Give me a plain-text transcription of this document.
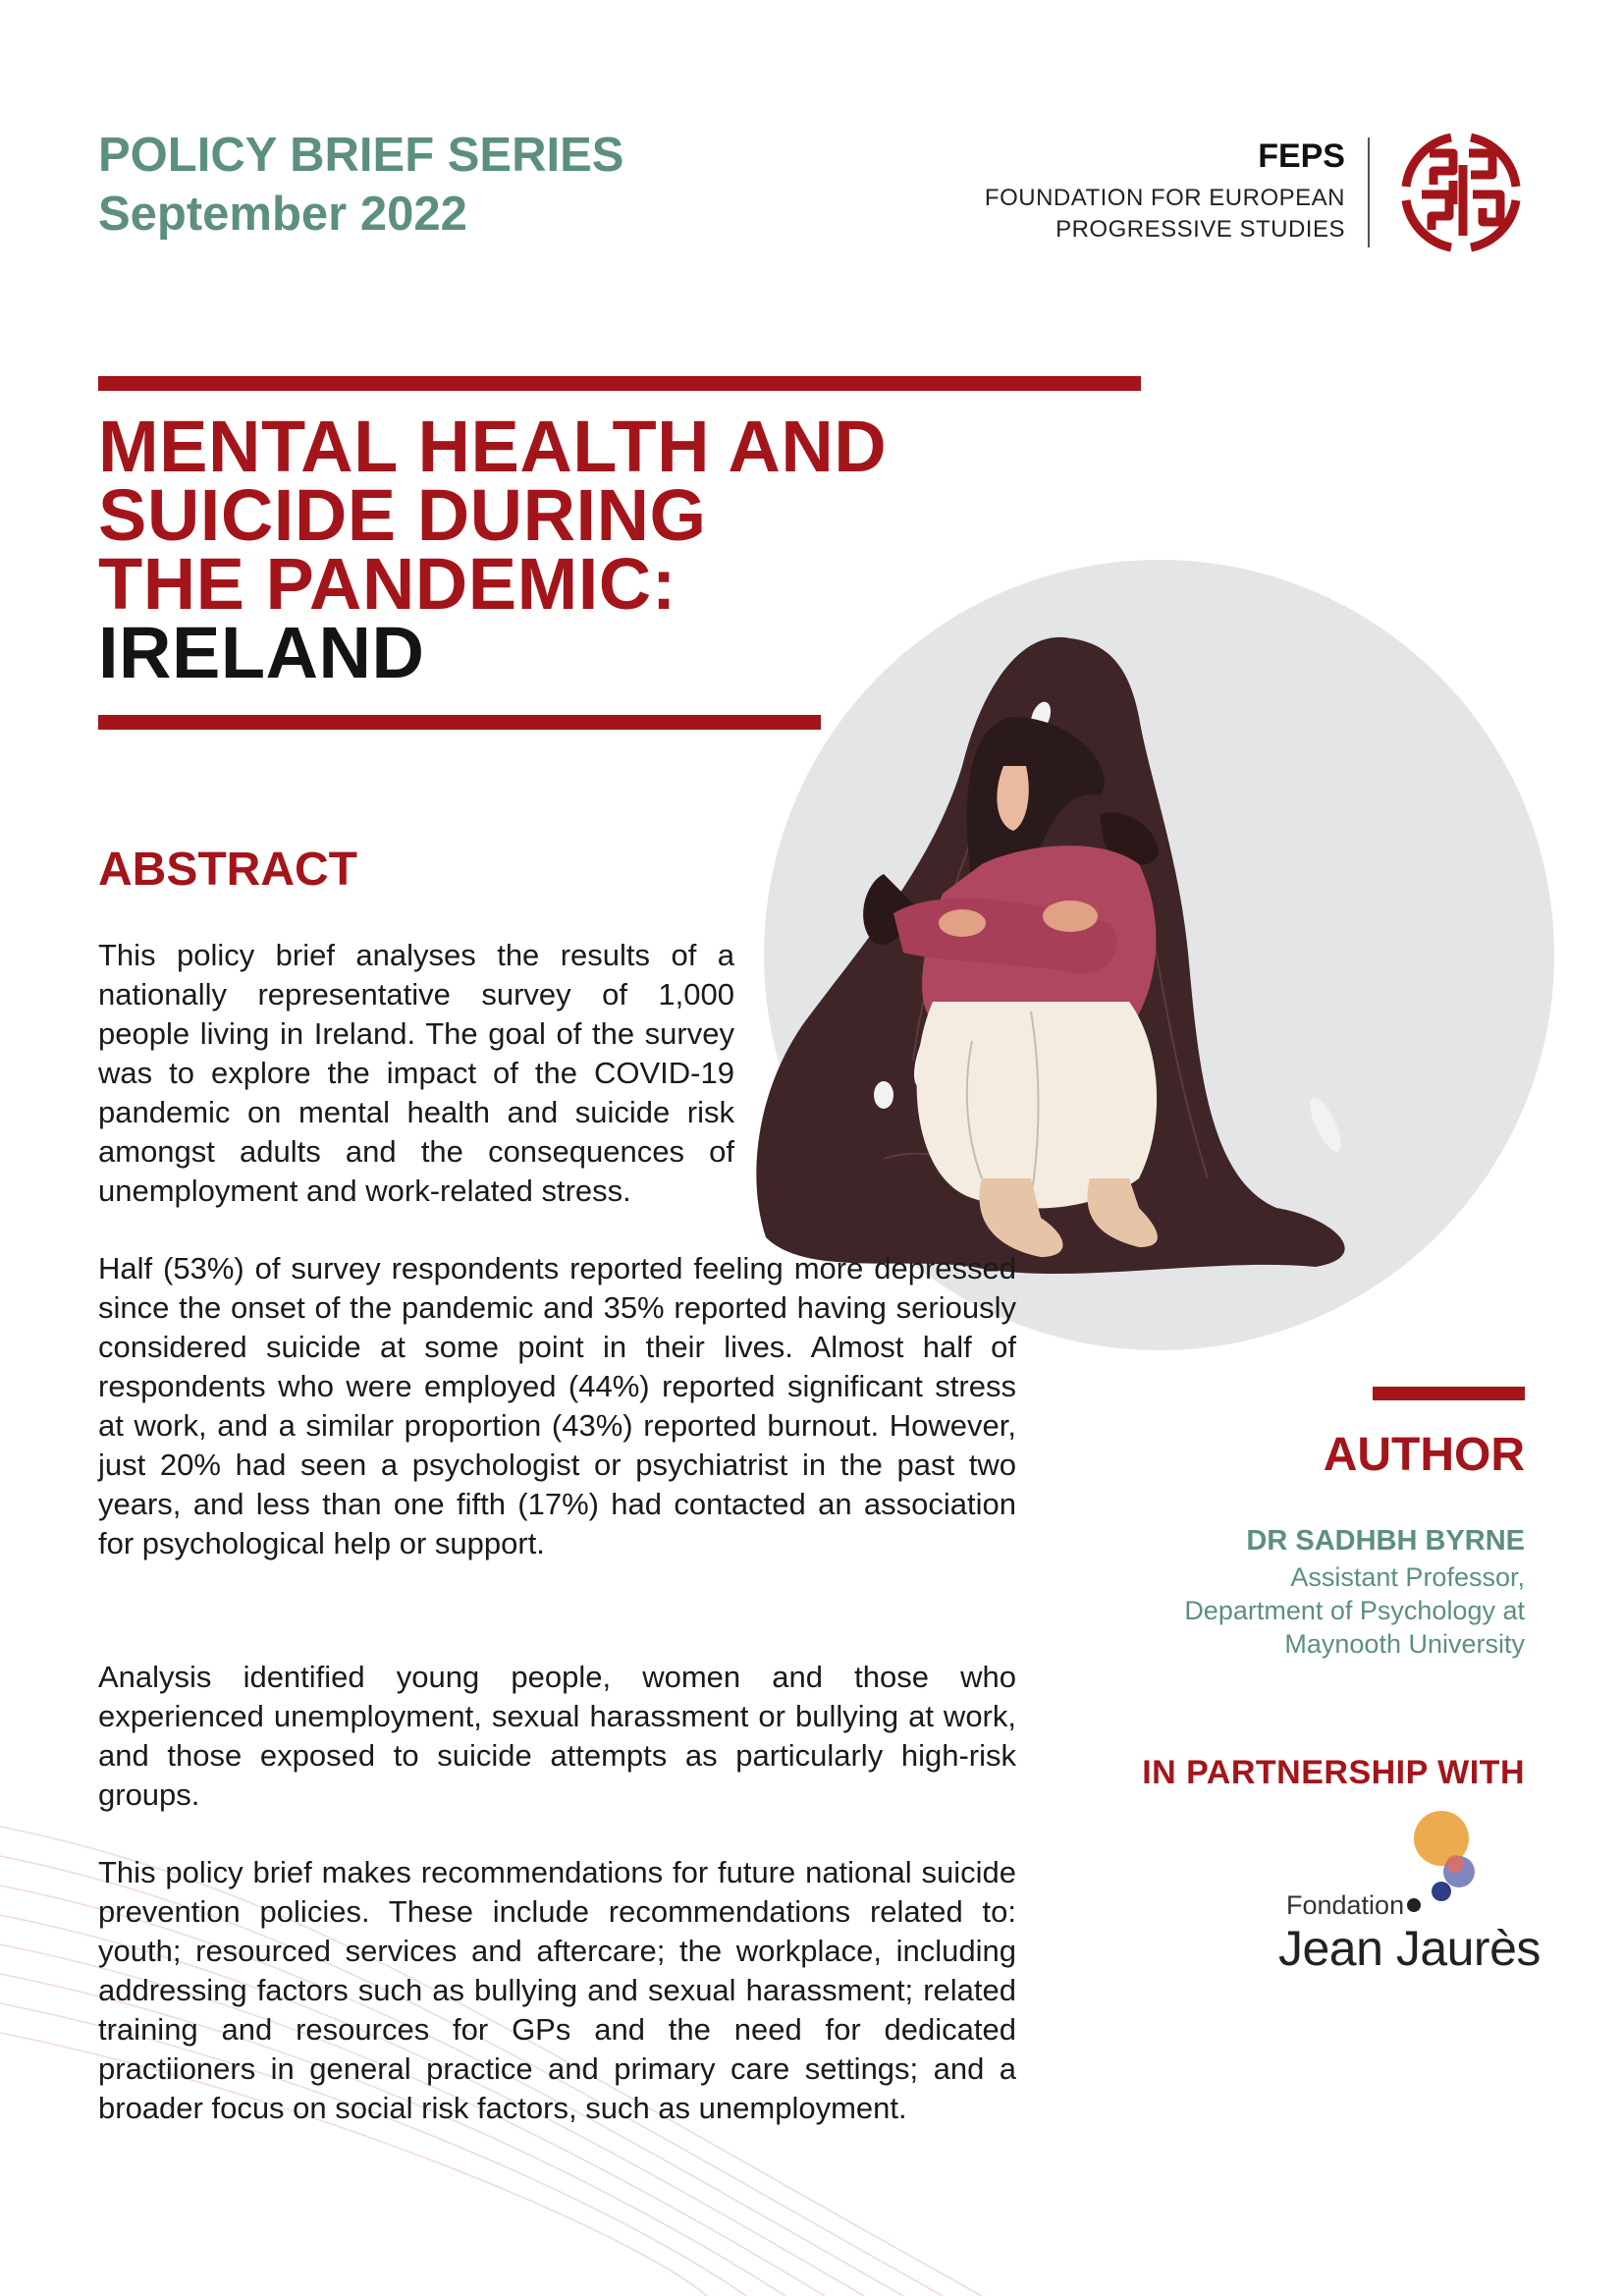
POLICY BRIEF SERIES
September 2022
FEPS
FOUNDATION FOR EUROPEAN
PROGRESSIVE STUDIES
MENTAL HEALTH AND
SUICIDE DURING
THE PANDEMIC:
IRELAND
ABSTRACT
This policy brief analyses the results of a nationally representative survey of 1,000 people living in Ireland. The goal of the survey was to explore the impact of the COVID-19 pandemic on mental health and suicide risk amongst adults and the consequences of unemployment and work-related stress.
Half (53%) of survey respondents reported feeling more depressed since the onset of the pandemic and 35% reported having seriously considered suicide at some point in their lives. Almost half of respondents who were employed (44%) reported significant stress at work, and a similar proportion (43%) reported burnout. However, just 20% had seen a psychologist or psychiatrist in the past two years, and less than one fifth (17%) had contacted an association for psychological help or support.
Analysis identified young people, women and those who experienced unemployment, sexual harassment or bullying at work, and those exposed to suicide attempts as particularly high-risk groups.
This policy brief makes recommendations for future national suicide prevention policies. These include recommendations related to: youth; resourced services and aftercare; the workplace, including addressing factors such as bullying and sexual harassment; related training and resources for GPs and the need for dedicated practiioners in general practice and primary care settings; and a broader focus on social risk factors, such as unemployment.
AUTHOR
DR SADHBH BYRNE
Assistant Professor,
Department of Psychology at
Maynooth University
IN PARTNERSHIP WITH
Fondation
Jean Jaurès
